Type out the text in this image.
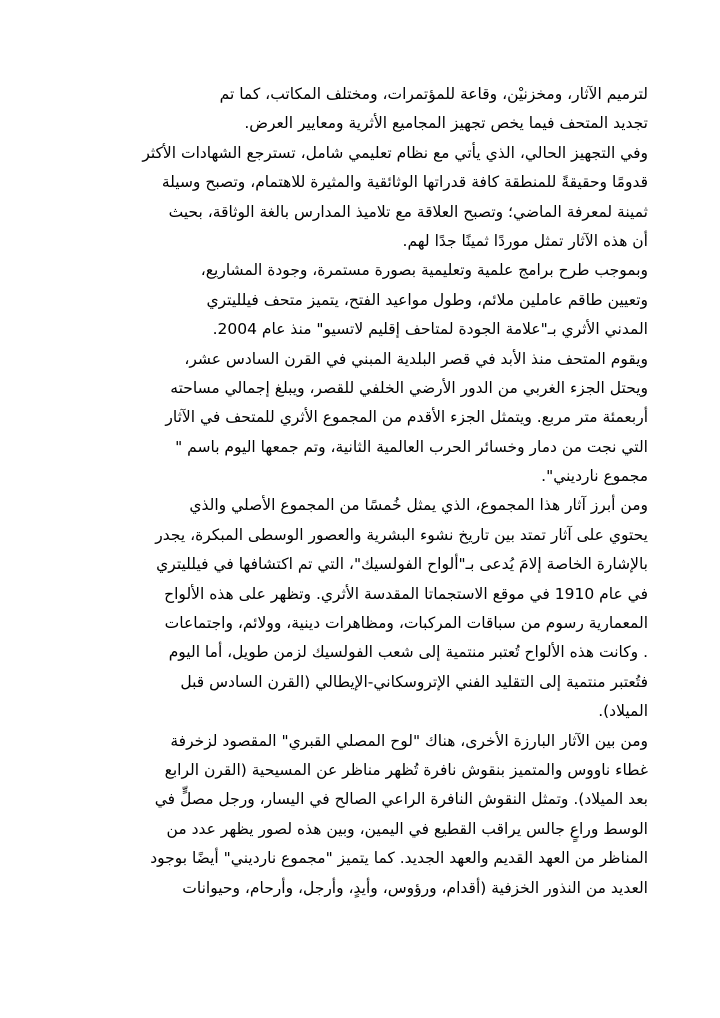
لترميم الآثار، ومخزنيْن، وقاعة للمؤتمرات، ومختلف المكاتب، كما تم
تجديد المتحف فيما يخص تجهيز المجاميع الأثرية ومعايير العرض.
وفي التجهيز الحالي، الذي يأتي مع نظام تعليمي شامل، تسترجع الشهادات الأكثر
قدومًا وحقيقةً للمنطقة كافة قدراتها الوثائقية والمثيرة للاهتمام، وتصبح وسيلة
ثمينة لمعرفة الماضي؛ وتصبح العلاقة مع تلاميذ المدارس بالغة الوثاقة، بحيث
أن هذه الآثار تمثل موردًا ثمينًا جدًا لهم.
وبموجب طرح برامج علمية وتعليمية بصورة مستمرة، وجودة المشاريع،
وتعيين طاقم عاملين ملائم، وطول مواعيد الفتح، يتميز متحف فيلليتري
المدني الأثري بـ"علامة الجودة لمتاحف إقليم لاتسيو" منذ عام 2004.
ويقوم المتحف منذ الأبد في قصر البلدية المبني في القرن السادس عشر،
ويحتل الجزء الغربي من الدور الأرضي الخلفي للقصر، ويبلغ إجمالي مساحته
أربعمئة متر مربع. ويتمثل الجزء الأقدم من المجموع الأثري للمتحف في الآثار
التي نجت من دمار وخسائر الحرب العالمية الثانية، وتم جمعها اليوم باسم "
مجموع نارديني".
ومن أبرز آثار هذا المجموع، الذي يمثل خُمسًا من المجموع الأصلي والذي
يحتوي على آثار تمتد بين تاريخ نشوء البشرية والعصور الوسطى المبكرة، يجدر
بالإشارة الخاصة إلامَ يُدعى بـ"ألواح الفولسيك"، التي تم اكتشافها في فيلليتري
في عام 1910 في موقع الاستجماتا المقدسة الأثري. وتظهر على هذه الألواح
المعمارية رسوم من سباقات المركبات، ومظاهرات دينية، وولائم، واجتماعات
. وكانت هذه الألواح تُعتبر منتمية إلى شعب الفولسيك لزمن طويل، أما اليوم
فتُعتبر منتمية إلى التقليد الفني الإتروسكاني-الإيطالي (القرن السادس قبل
الميلاد).
ومن بين الآثار البارزة الأخرى، هناك "لوح المصلي القبري" المقصود لزخرفة
غطاء ناووس والمتميز بنقوش نافرة تُظهر مناظر عن المسيحية (القرن الرابع
بعد الميلاد). وتمثل النقوش النافرة الراعي الصالح في اليسار، ورجل مصلٍّ في
الوسط وراعٍ جالس يراقب القطيع في اليمين، وبين هذه لصور يظهر عدد من
المناظر من العهد القديم والعهد الجديد. كما يتميز "مجموع نارديني" أيضًا بوجود
العديد من النذور الخزفية (أقدام، ورؤوس، وأيدٍ، وأرجل، وأرحام، وحيوانات
